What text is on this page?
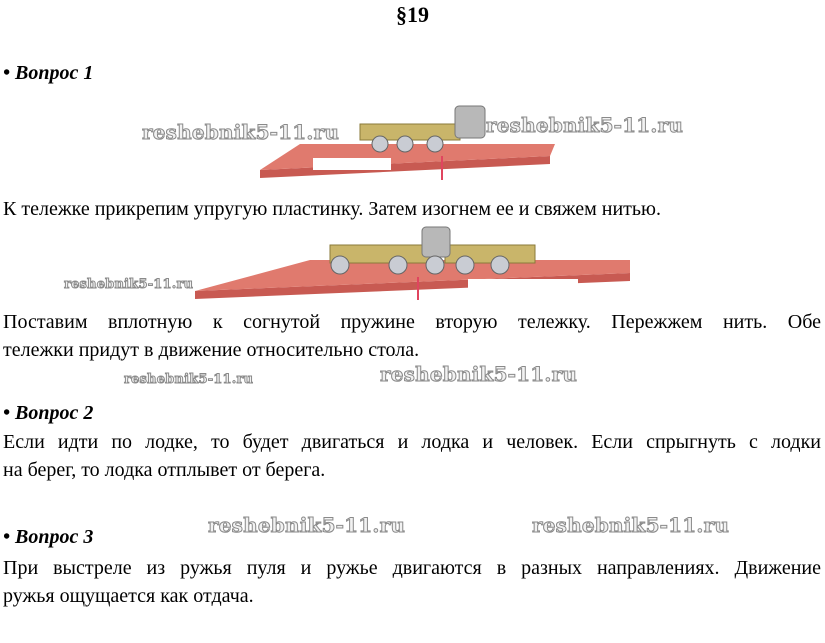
§19
• Вопрос 1
reshebnik5-11.ru	reshebnik5-11.ru
К тележке прикрепим упругую пластинку. Затем изогнем ее и свяжем нитью.
reshebnik5-11.ru
Поставим вплотную к согнутой пружине вторую тележку. Пережжем нить. Обе
тележки придут в движение относительно стола.
reshebnik5-11.ru	reshebnik5-11.ru
• Вопрос 2
Если идти по лодке, то будет двигаться и лодка и человек. Если спрыгнуть с лодки
на берег, то лодка отплывет от берега.
reshebnik5-11.ru	reshebnik5-11.ru
• Вопрос 3
При выстреле из ружья пуля и ружье двигаются в разных направлениях. Движение
ружья ощущается как отдача.
